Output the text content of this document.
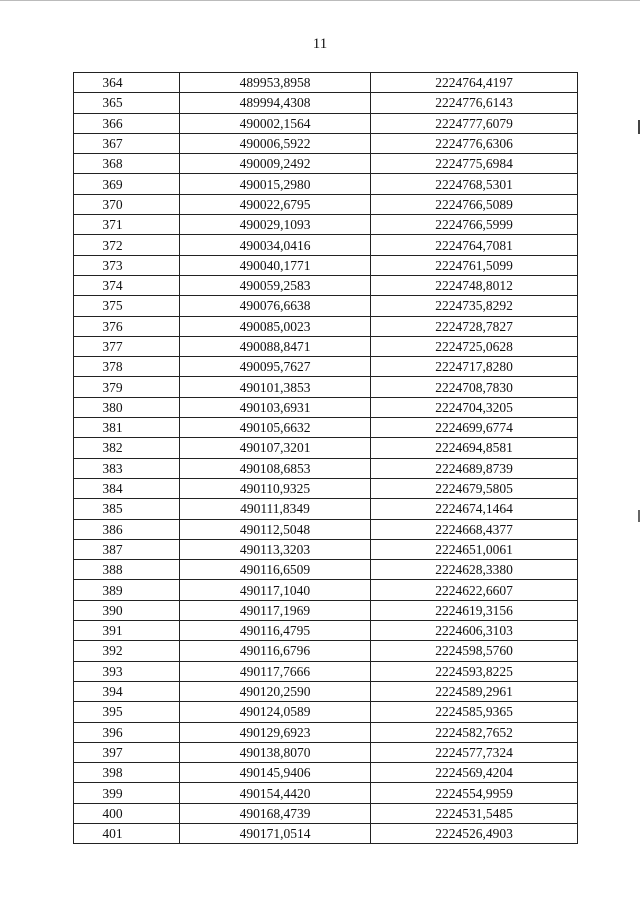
11
364	489953,8958	2224764,4197
365	489994,4308	2224776,6143
366	490002,1564	2224777,6079
367	490006,5922	2224776,6306
368	490009,2492	2224775,6984
369	490015,2980	2224768,5301
370	490022,6795	2224766,5089
371	490029,1093	2224766,5999
372	490034,0416	2224764,7081
373	490040,1771	2224761,5099
374	490059,2583	2224748,8012
375	490076,6638	2224735,8292
376	490085,0023	2224728,7827
377	490088,8471	2224725,0628
378	490095,7627	2224717,8280
379	490101,3853	2224708,7830
380	490103,6931	2224704,3205
381	490105,6632	2224699,6774
382	490107,3201	2224694,8581
383	490108,6853	2224689,8739
384	490110,9325	2224679,5805
385	490111,8349	2224674,1464
386	490112,5048	2224668,4377
387	490113,3203	2224651,0061
388	490116,6509	2224628,3380
389	490117,1040	2224622,6607
390	490117,1969	2224619,3156
391	490116,4795	2224606,3103
392	490116,6796	2224598,5760
393	490117,7666	2224593,8225
394	490120,2590	2224589,2961
395	490124,0589	2224585,9365
396	490129,6923	2224582,7652
397	490138,8070	2224577,7324
398	490145,9406	2224569,4204
399	490154,4420	2224554,9959
400	490168,4739	2224531,5485
401	490171,0514	2224526,4903
